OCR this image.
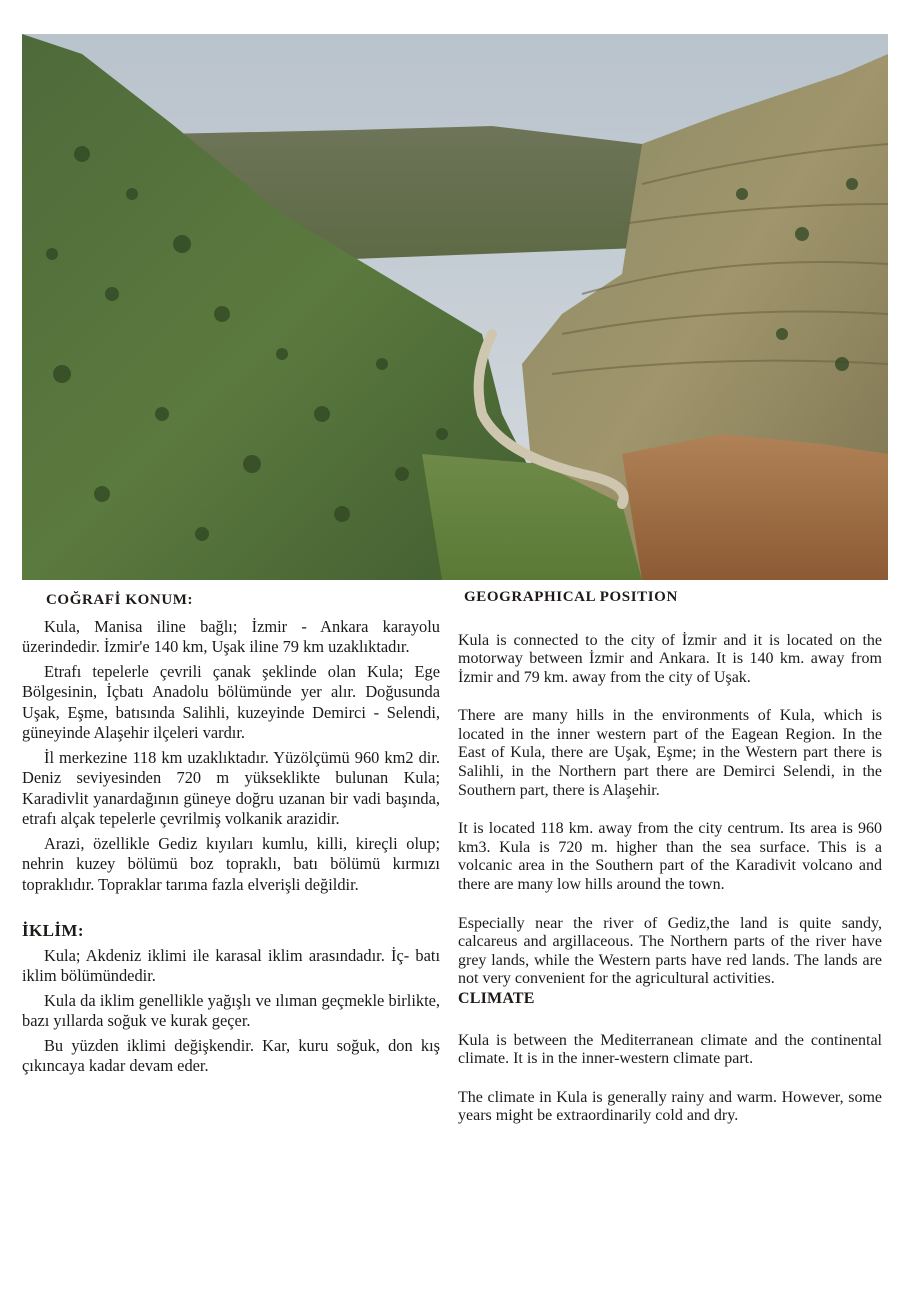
COĞRAFİ KONUM:

Kula, Manisa iline bağlı; İzmir - Ankara karayolu üzerindedir. İzmir'e 140 km, Uşak iline 79 km uzaklıktadır.

Etrafı tepelerle çevrili çanak şeklinde olan Kula; Ege Bölgesinin, İçbatı Anadolu bölümünde yer alır. Doğusunda Uşak, Eşme, batısında Salihli, kuzeyinde Demirci - Selendi, güneyinde Alaşehir ilçeleri vardır.

İl merkezine 118 km uzaklıktadır. Yüzölçümü 960 km2 dir. Deniz seviyesinden 720 m yükseklikte bulunan Kula; Karadivlit yanardağının güneye doğru uzanan bir vadi başında, etrafı alçak tepelerle çevrilmiş volkanik arazidir.

Arazi, özellikle Gediz kıyıları kumlu, killi, kireçli olup; nehrin kuzey bölümü boz topraklı, batı bölümü kırmızı topraklıdır. Topraklar tarıma fazla elverişli değildir.

İKLİM:

Kula; Akdeniz iklimi ile karasal iklim arasındadır. İç- batı iklim bölümündedir.

Kula da iklim genellikle yağışlı ve ılıman geçmekle birlikte, bazı yıllarda soğuk ve kurak geçer.

Bu yüzden iklimi değişkendir. Kar, kuru soğuk, don kış çıkıncaya kadar devam eder.

GEOGRAPHICAL POSITION

Kula is connected to the city of İzmir and it is located on the motorway between İzmir and Ankara. It is 140 km. away from İzmir and 79 km. away from the city of Uşak.

There are many hills in the environments of Kula, which is located in the inner western part of the Eagean Region. In the East of Kula, there are Uşak, Eşme; in the Western part there is Salihli, in the Northern part there are Demirci Selendi, in the Southern part, there is Alaşehir.

It is located 118 km. away from the city centrum. Its area is 960 km3. Kula is 720 m. higher than the sea surface. This is a volcanic area in the Southern part of the Karadivit volcano and there are many low hills around the town.

Especially near the river of Gediz,the land is quite sandy, calcareus and argillaceous. The Northern parts of the river have grey lands, while the Western parts have red lands. The lands are not very convenient for the agricultural activities.

CLIMATE

Kula is between the Mediterranean climate and the continental climate. It is in the inner-western climate part.

The climate in Kula is generally rainy and warm. However, some years might be extraordinarily cold and dry.
